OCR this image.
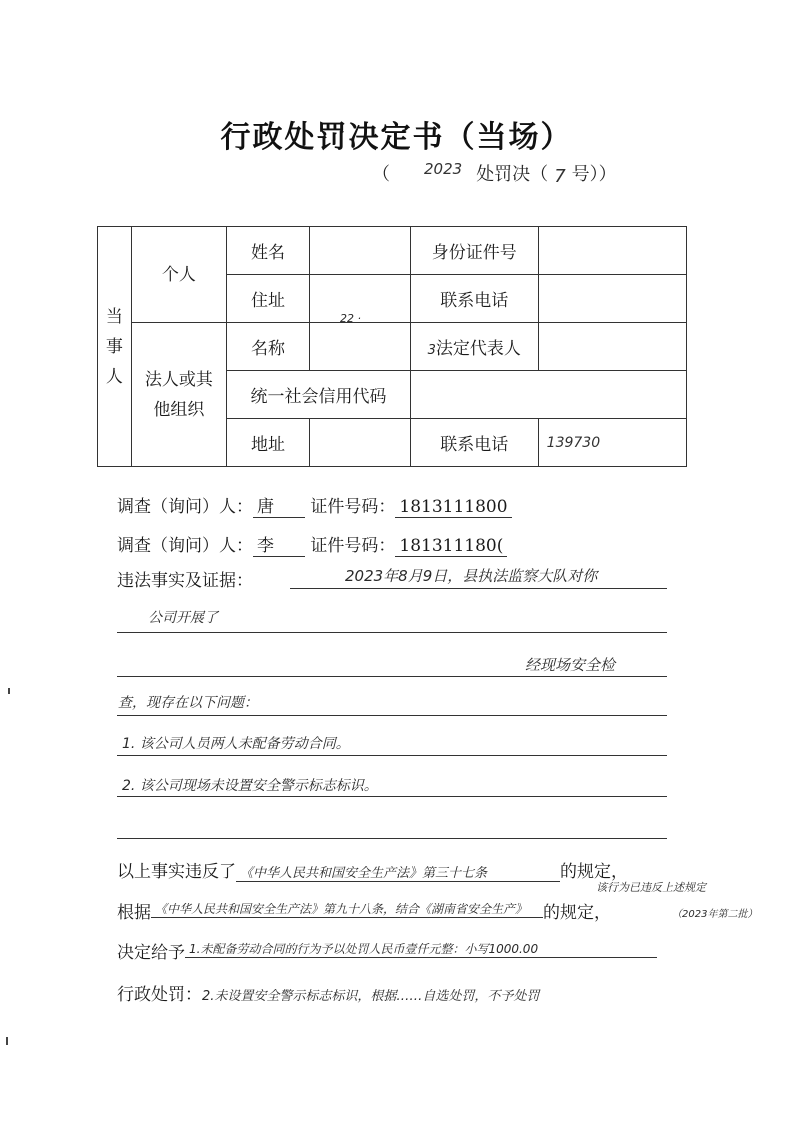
行政处罚决定书（当场）
（ $^{2023}$ 处罚决（ 7 号））
当
事
人	个人	姓名		身份证件号	
		住址		联系电话	

	法人或其
他组织	名称		3法定代表人	
		统一社会信用代码			
		地址		联系电话	139730
22 ·
调查（询问）人： 唐 证件号码： 1813111800
调查（询问）人： 李 证件号码： 181311180(
违法事实及证据：	2023年8月9日，县执法监察大队对你
公司开展了
经现场安全检
查，现存在以下问题：
1. 该公司人员两人未配备劳动合同。
2. 该公司现场未设置安全警示标志标识。
以上事实违反了 《中华人民共和国安全生产法》第三十七条	的规定，
该行为已违反上述规定
根据 《中华人民共和国安全生产法》第九十八条，结合《湖南省安全生产》 的规定，	（2023年第二批）
决定给予 1.未配备劳动合同的行为予以处罚人民币壹仟元整：小写1000.00
行政处罚：2.未设置安全警示标志标识，根据……自选处罚，不予处罚
